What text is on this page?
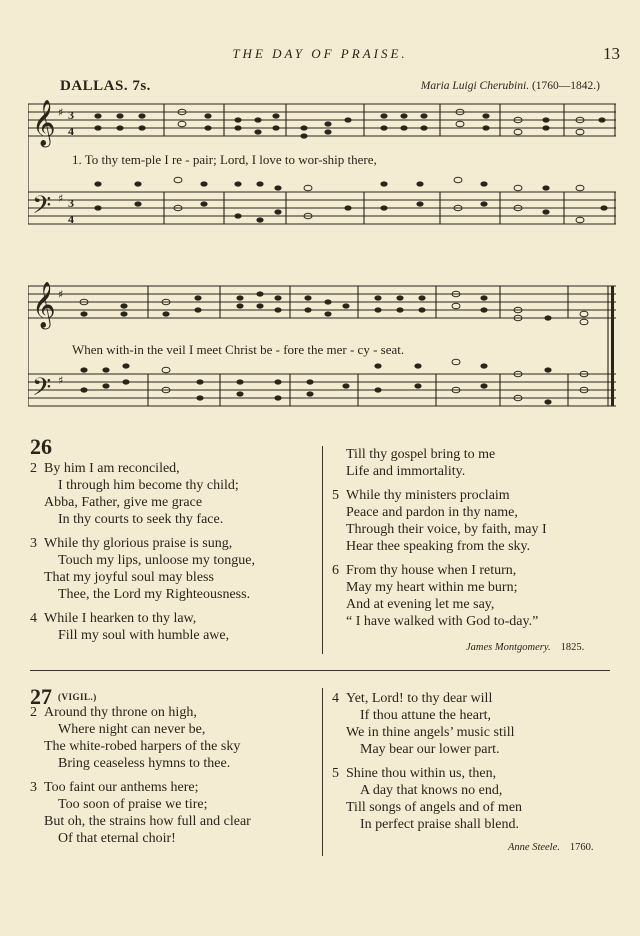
THE DAY OF PRAISE.	13
DALLAS. 7s.	Maria Luigi Cherubini. (1760—1842.)
𝄞
𝄢
♯
♯
3
4
3
4
1. To thy tem-ple I re - pair; Lord, I love to wor-ship there,
𝄞
𝄢
♯
♯
When with-in the veil I meet Christ be - fore the mer - cy - seat.
26
2 By him I am reconciled,
I through him become thy child;
Abba, Father, give me grace
In thy courts to seek thy face.
3 While thy glorious praise is sung,
Touch my lips, unloose my tongue,
That my joyful soul may bless
Thee, the Lord my Righteousness.
4 While I hearken to thy law,
Fill my soul with humble awe,
Till thy gospel bring to me
Life and immortality.
5 While thy ministers proclaim
Peace and pardon in thy name,
Through their voice, by faith, may I
Hear thee speaking from the sky.
6 From thy house when I return,
May my heart within me burn;
And at evening let me say,
“ I have walked with God to-day.”
James Montgomery. 1825.
27 $^{(VIGIL.)}$
2 Around thy throne on high,
Where night can never be,
The white-robed harpers of the sky
Bring ceaseless hymns to thee.
3 Too faint our anthems here;
Too soon of praise we tire;
But oh, the strains how full and clear
Of that eternal choir!
4 Yet, Lord! to thy dear will
If thou attune the heart,
We in thine angels’ music still
May bear our lower part.
5 Shine thou within us, then,
A day that knows no end,
Till songs of angels and of men
In perfect praise shall blend.
Anne Steele. 1760.
